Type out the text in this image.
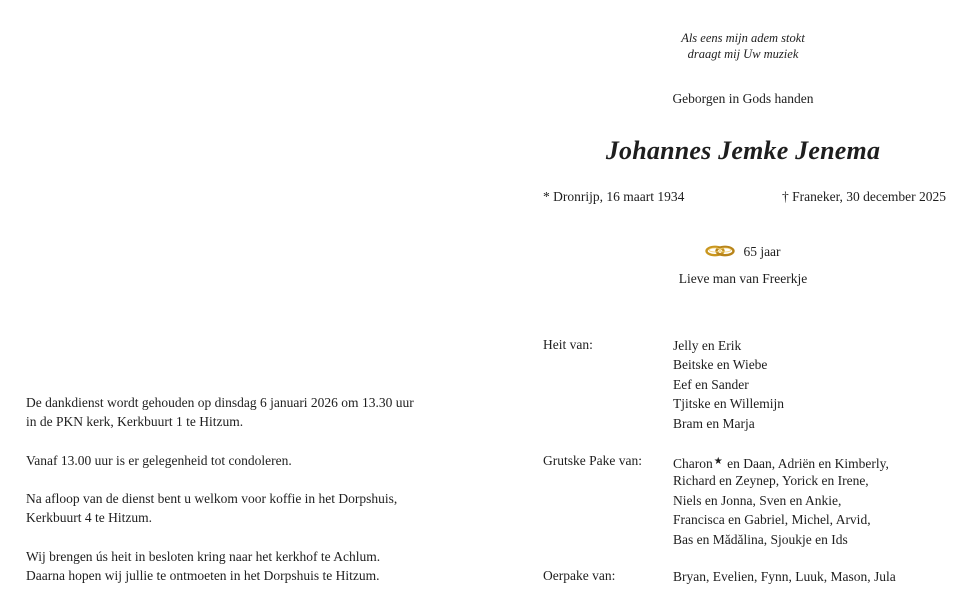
Als eens mijn adem stokt
draagt mij Uw muziek
Geborgen in Gods handen
Johannes Jemke Jenema
* Dronrijp, 16 maart 1934	† Franeker, 30 december 2025
65 jaar
Lieve man van Freerkje
Heit van:	Jelly en Erik
Beitske en Wiebe
Eef en Sander
Tjitske en Willemijn
Bram en Marja
Grutske Pake van: Charon★ en Daan, Adriën en Kimberly,
Richard en Zeynep, Yorick en Irene,
Niels en Jonna, Sven en Ankie,
Francisca en Gabriel, Michel, Arvid,
Bas en Mădălina, Sjoukje en Ids
Oerpake van:	Bryan, Evelien, Fynn, Luuk, Mason, Jula
De dankdienst wordt gehouden op dinsdag 6 januari 2026 om 13.30 uur
in de PKN kerk, Kerkbuurt 1 te Hitzum.
Vanaf 13.00 uur is er gelegenheid tot condoleren.
Na afloop van de dienst bent u welkom voor koffie in het Dorpshuis,
Kerkbuurt 4 te Hitzum.
Wij brengen ús heit in besloten kring naar het kerkhof te Achlum.
Daarna hopen wij jullie te ontmoeten in het Dorpshuis te Hitzum.
